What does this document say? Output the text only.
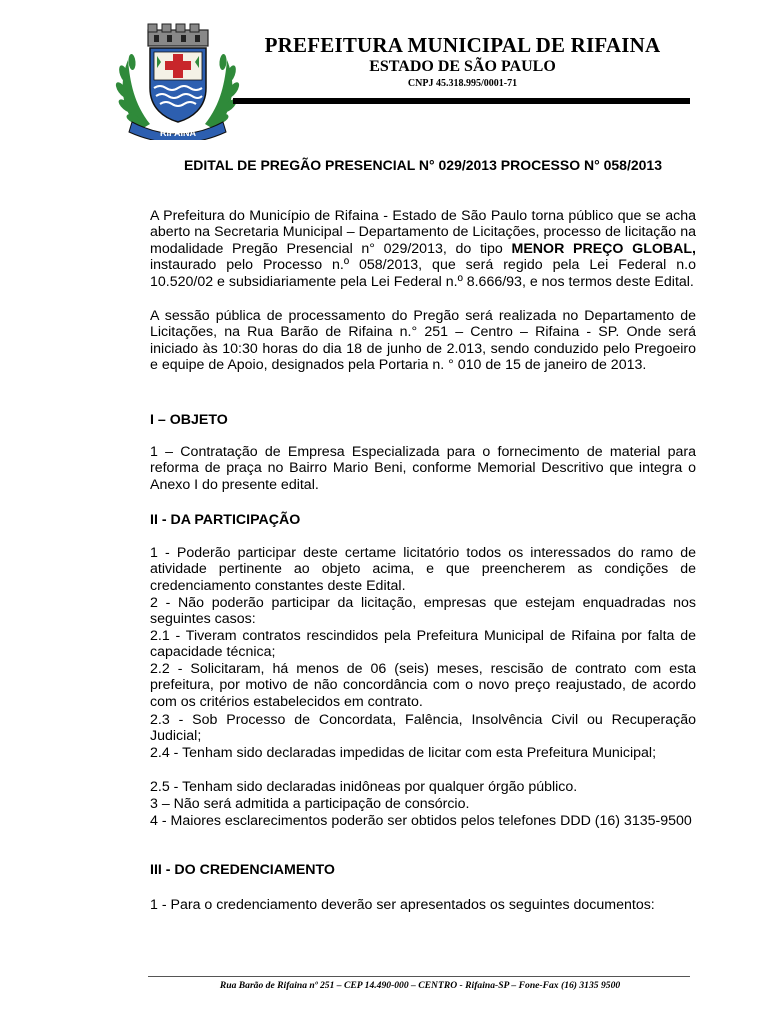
RIFAINA
PREFEITURA MUNICIPAL DE RIFAINA
ESTADO DE SÃO PAULO
CNPJ 45.318.995/0001-71
EDITAL DE PREGÃO PRESENCIAL N° 029/2013 PROCESSO N° 058/2013
A Prefeitura do Município de Rifaina - Estado de São Paulo torna público que se acha aberto na Secretaria Municipal – Departamento de Licitações, processo de licitação na modalidade Pregão Presencial n° 029/2013, do tipo MENOR PREÇO GLOBAL, instaurado pelo Processo n.º 058/2013, que será regido pela Lei Federal n.o 10.520/02 e subsidiariamente pela Lei Federal n.º 8.666/93, e nos termos deste Edital.
A sessão pública de processamento do Pregão será realizada no Departamento de Licitações, na Rua Barão de Rifaina n.° 251 – Centro – Rifaina - SP. Onde será iniciado às 10:30 horas do dia 18 de junho de 2.013, sendo conduzido pelo Pregoeiro e equipe de Apoio, designados pela Portaria n. ° 010 de 15 de janeiro de 2013.
I – OBJETO
1 – Contratação de Empresa Especializada para o fornecimento de material para reforma de praça no Bairro Mario Beni, conforme Memorial Descritivo que integra o Anexo I do presente edital.
II - DA PARTICIPAÇÃO
1 - Poderão participar deste certame licitatório todos os interessados do ramo de atividade pertinente ao objeto acima, e que preencherem as condições de credenciamento constantes deste Edital.
2 - Não poderão participar da licitação, empresas que estejam enquadradas nos seguintes casos:
2.1 - Tiveram contratos rescindidos pela Prefeitura Municipal de Rifaina por falta de capacidade técnica;
2.2 - Solicitaram, há menos de 06 (seis) meses, rescisão de contrato com esta prefeitura, por motivo de não concordância com o novo preço reajustado, de acordo com os critérios estabelecidos em contrato.
2.3 - Sob Processo de Concordata, Falência, Insolvência Civil ou Recuperação Judicial;
2.4 - Tenham sido declaradas impedidas de licitar com esta Prefeitura Municipal;
2.5 - Tenham sido declaradas inidôneas por qualquer órgão público.
3 – Não será admitida a participação de consórcio.
4 - Maiores esclarecimentos poderão ser obtidos pelos telefones DDD (16) 3135-9500
III - DO CREDENCIAMENTO
1 - Para o credenciamento deverão ser apresentados os seguintes documentos:
Rua Barão de Rifaina nº 251 – CEP 14.490-000 – CENTRO - Rifaina-SP – Fone-Fax (16) 3135 9500
